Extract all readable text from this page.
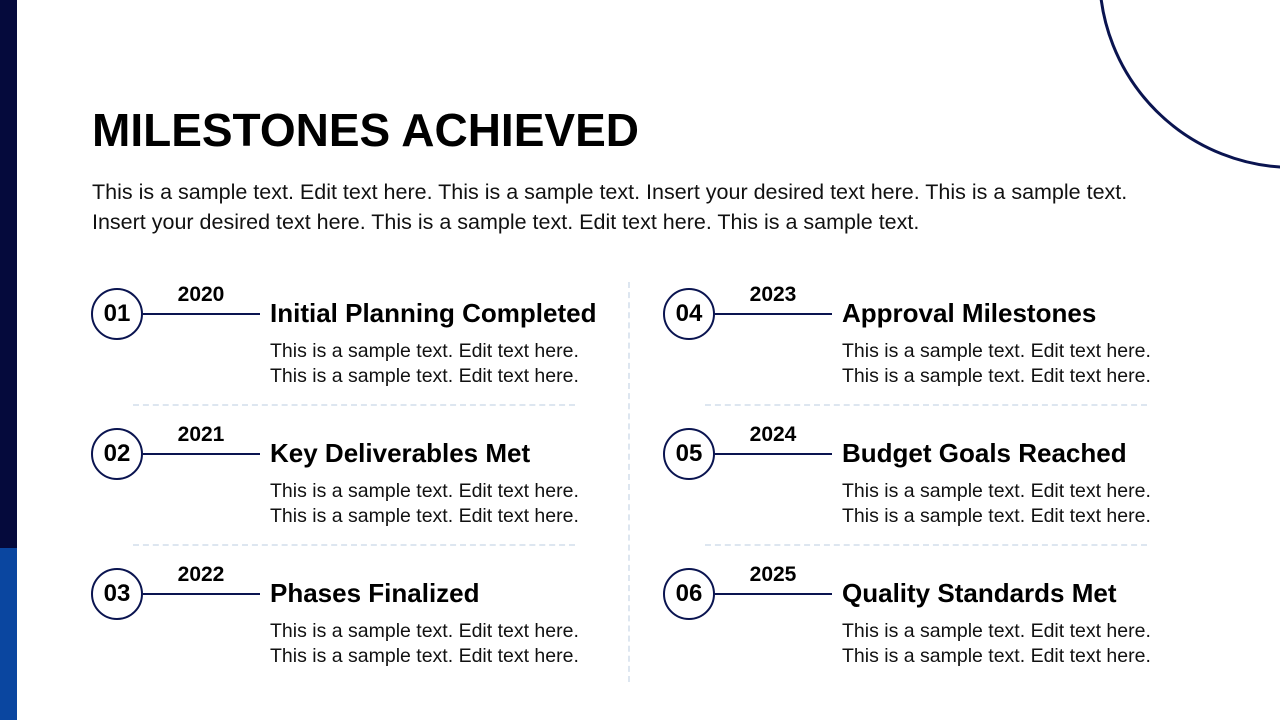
MILESTONES ACHIEVED

This is a sample text. Edit text here. This is a sample text. Insert your desired text here. This is a sample text. Insert your desired text here. This is a sample text. Edit text here. This is a sample text.

01
2020
Initial Planning Completed
This is a sample text. Edit text here.
This is a sample text. Edit text here.
02
2021
Key Deliverables Met
This is a sample text. Edit text here.
This is a sample text. Edit text here.
03
2022
Phases Finalized
This is a sample text. Edit text here.
This is a sample text. Edit text here.
04
2023
Approval Milestones
This is a sample text. Edit text here.
This is a sample text. Edit text here.
05
2024
Budget Goals Reached
This is a sample text. Edit text here.
This is a sample text. Edit text here.
06
2025
Quality Standards Met
This is a sample text. Edit text here.
This is a sample text. Edit text here.
